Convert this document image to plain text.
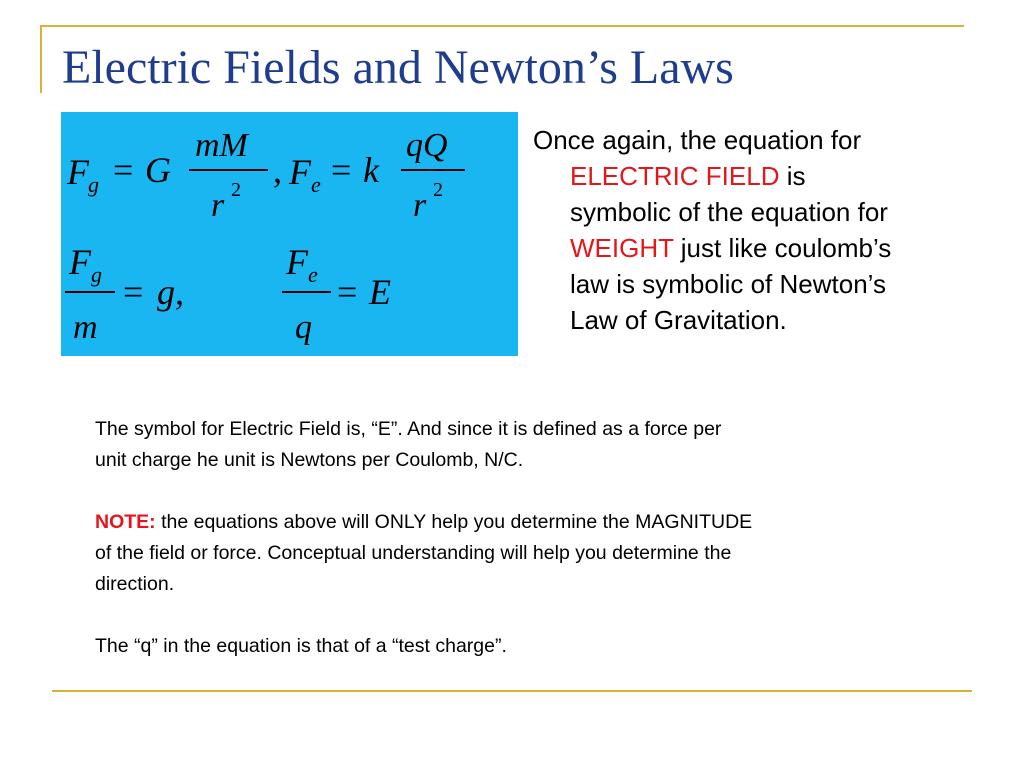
Electric Fields and Newton’s Laws
F g = G
mM
r 2 , F e = k
qQ
r 2
F g
m
= g,
F e
q
= E

Once again, the equation for
ELECTRIC FIELD is
symbolic of the equation for
WEIGHT just like coulomb’s
law is symbolic of Newton’s
Law of Gravitation.

The symbol for Electric Field is, “E”. And since it is defined as a force per
unit charge he unit is Newtons per Coulomb, N/C.
NOTE: the equations above will ONLY help you determine the MAGNITUDE
of the field or force. Conceptual understanding will help you determine the
direction.
The “q” in the equation is that of a “test charge”.
